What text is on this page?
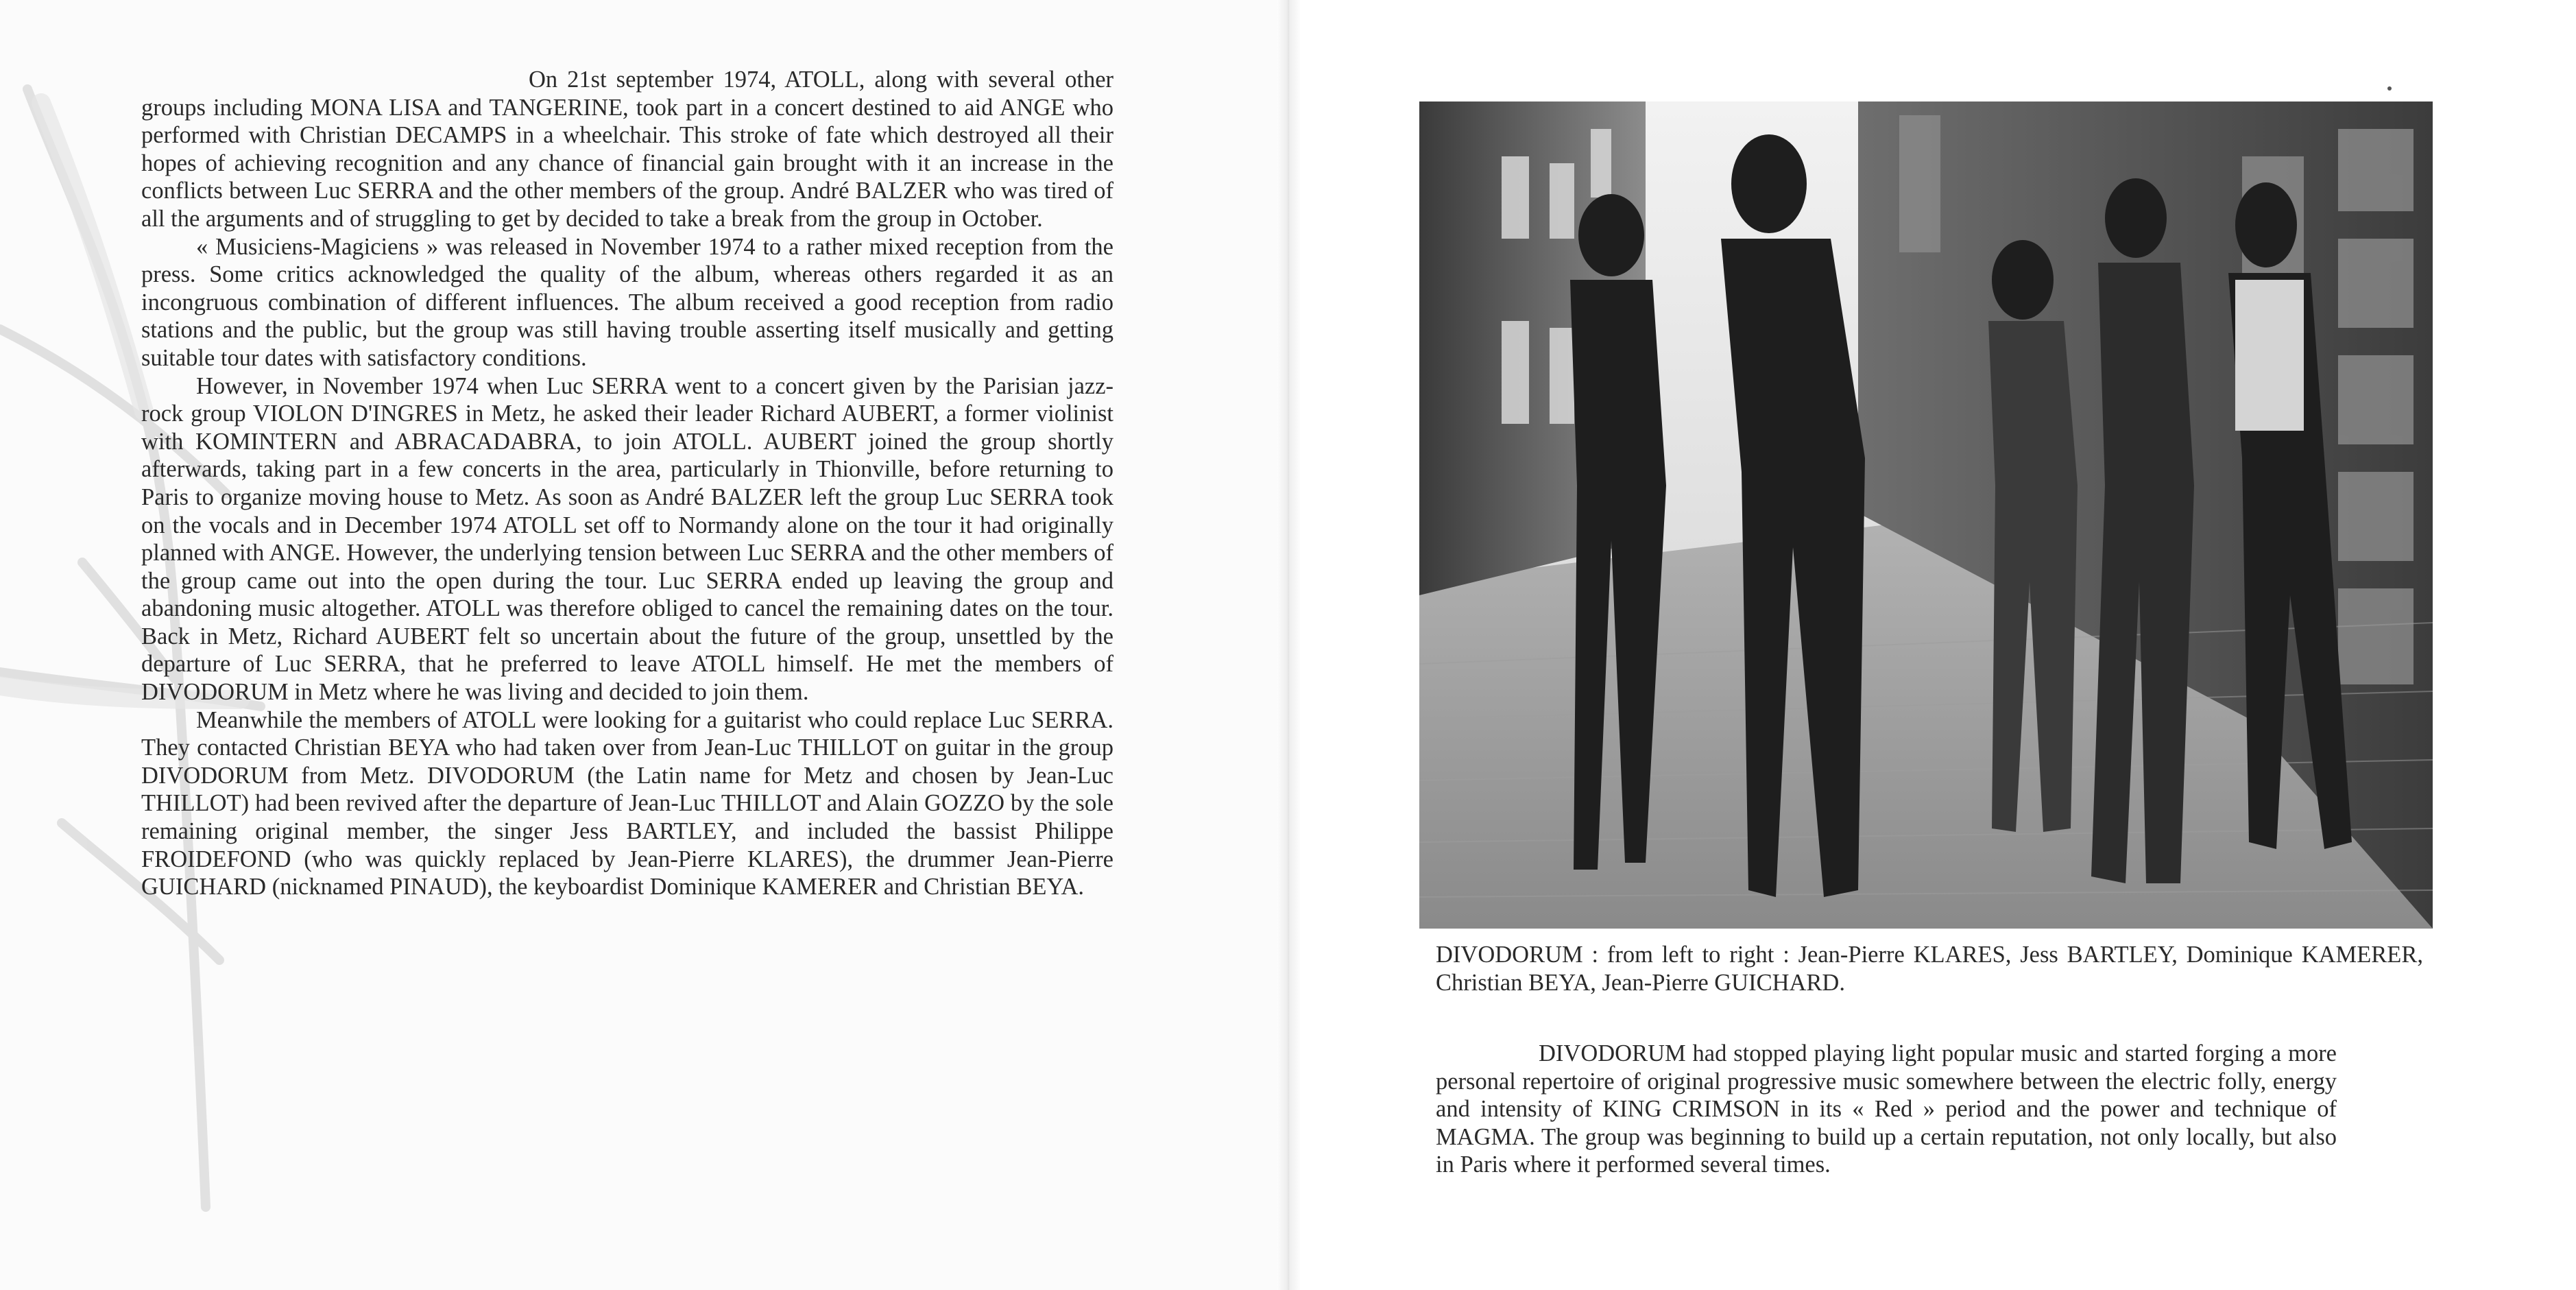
On 21st september 1974, ATOLL, along with several other groups including MONA LISA and TANGERINE, took part in a concert destined to aid ANGE who performed with Christian DECAMPS in a wheelchair. This stroke of fate which destroyed all their hopes of achieving recognition and any chance of financial gain brought with it an increase in the conflicts between Luc SERRA and the other members of the group. André BALZER who was tired of all the arguments and of struggling to get by decided to take a break from the group in October.

« Musiciens-Magiciens » was released in November 1974 to a rather mixed reception from the press. Some critics acknowledged the quality of the album, whereas others regarded it as an incongruous combination of different influences. The album received a good reception from radio stations and the public, but the group was still having trouble asserting itself musically and getting suitable tour dates with satisfactory conditions.

However, in November 1974 when Luc SERRA went to a concert given by the Parisian jazz-rock group VIOLON D'INGRES in Metz, he asked their leader Richard AUBERT, a former violinist with KOMINTERN and ABRACADABRA, to join ATOLL. AUBERT joined the group shortly afterwards, taking part in a few concerts in the area, particularly in Thionville, before returning to Paris to organize moving house to Metz. As soon as André BALZER left the group Luc SERRA took on the vocals and in December 1974 ATOLL set off to Normandy alone on the tour it had originally planned with ANGE. However, the underlying tension between Luc SERRA and the other members of the group came out into the open during the tour. Luc SERRA ended up leaving the group and abandoning music altogether. ATOLL was therefore obliged to cancel the remaining dates on the tour. Back in Metz, Richard AUBERT felt so uncertain about the future of the group, unsettled by the departure of Luc SERRA, that he preferred to leave ATOLL himself. He met the members of DIVODORUM in Metz where he was living and decided to join them.

Meanwhile the members of ATOLL were looking for a guitarist who could replace Luc SERRA. They contacted Christian BEYA who had taken over from Jean-Luc THILLOT on guitar in the group DIVODORUM from Metz. DIVODORUM (the Latin name for Metz and chosen by Jean-Luc THILLOT) had been revived after the departure of Jean-Luc THILLOT and Alain GOZZO by the sole remaining original member, the singer Jess BARTLEY, and included the bassist Philippe FROIDEFOND (who was quickly replaced by Jean-Pierre KLARES), the drummer Jean-Pierre GUICHARD (nicknamed PINAUD), the keyboardist Dominique KAMERER and Christian BEYA.

DIVODORUM : from left to right : Jean-Pierre KLARES, Jess BARTLEY, Dominique KAMERER, Christian BEYA, Jean-Pierre GUICHARD.
DIVODORUM had stopped playing light popular music and started forging a more personal repertoire of original progressive music somewhere between the electric folly, energy and intensity of KING CRIMSON in its « Red » period and the power and technique of MAGMA. The group was beginning to build up a certain reputation, not only locally, but also in Paris where it performed several times.
